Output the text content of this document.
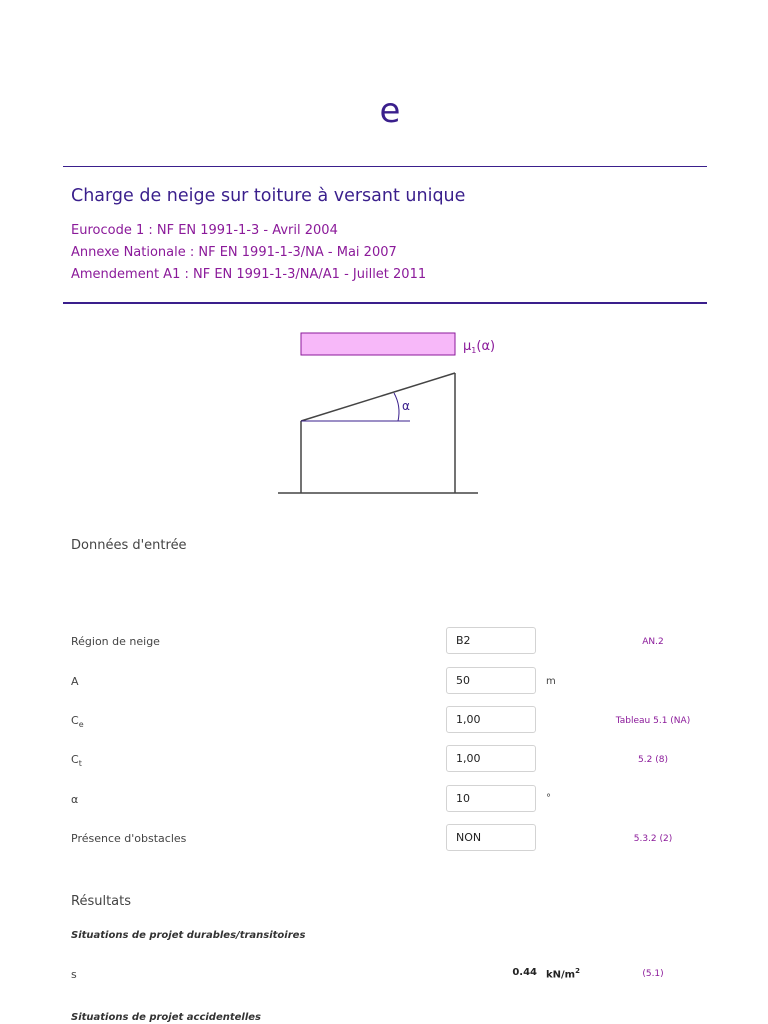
e
Charge de neige sur toiture à versant unique
Eurocode 1 : NF EN 1991-1-3 - Avril 2004
Annexe Nationale : NF EN 1991-1-3/NA - Mai 2007
Amendement A1 : NF EN 1991-1-3/NA/A1 - Juillet 2011
$\mu_1(\alpha)$
α
Données d'entrée
Région de neige	B2	AN.2
A	50	m
$C_e$	1,00	Tableau 5.1 (NA)
$C_t$	1,00	5.2 (8)
α	10	°
Présence d'obstacles	NON	5.3.2 (2)
Résultats
Situations de projet durables/transitoires
s	0.44 $kN/m^2$	(5.1)
Situations de projet accidentelles
